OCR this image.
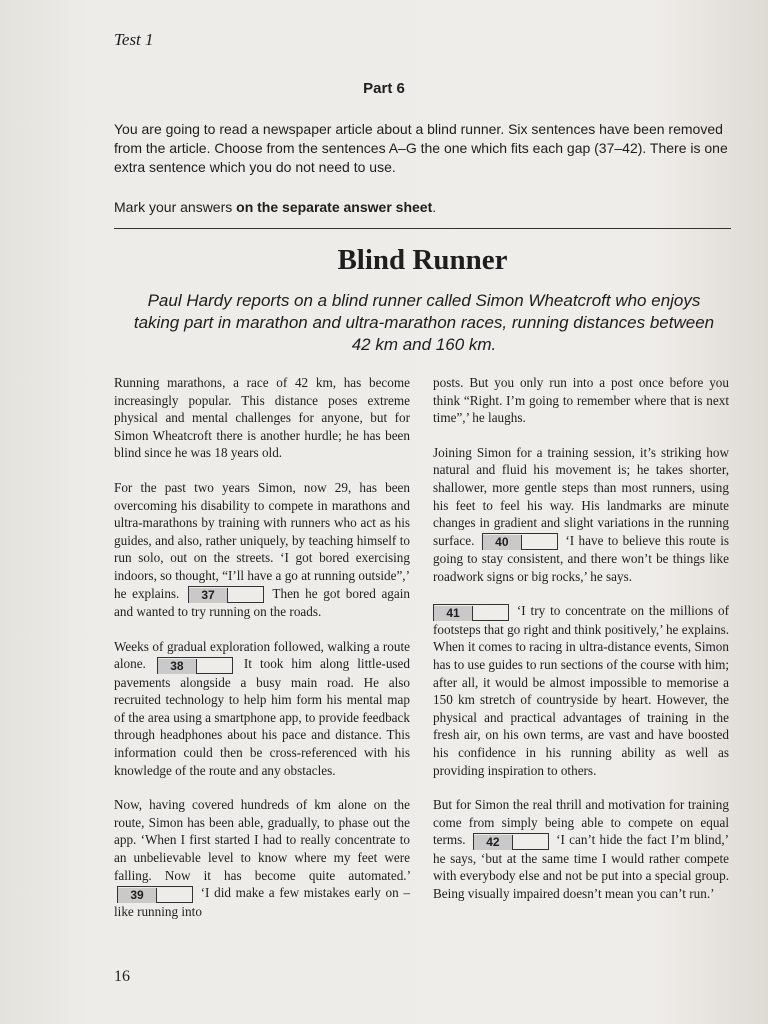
Test 1
Part 6
You are going to read a newspaper article about a blind runner. Six sentences have been removed from the article. Choose from the sentences A–G the one which fits each gap (37–42). There is one extra sentence which you do not need to use.
Mark your answers on the separate answer sheet.
Blind Runner
Paul Hardy reports on a blind runner called Simon Wheatcroft who enjoys taking part in marathon and ultra-marathon races, running distances between 42 km and 160 km.

Running marathons, a race of 42 km, has become increasingly popular. This distance poses extreme physical and mental challenges for anyone, but for Simon Wheatcroft there is another hurdle; he has been blind since he was 18 years old.

For the past two years Simon, now 29, has been overcoming his disability to compete in marathons and ultra-marathons by training with runners who act as his guides, and also, rather uniquely, by teaching himself to run solo, out on the streets. ‘I got bored exercising indoors, so thought, “I’ll have a go at running outside”,’ he explains. 37	Then he got bored again and wanted to try running on the roads.

Weeks of gradual exploration followed, walking a route alone. 38	It took him along little-used pavements alongside a busy main road. He also recruited technology to help him form his mental map of the area using a smartphone app, to provide feedback through headphones about his pace and distance. This information could then be cross-referenced with his knowledge of the route and any obstacles.

Now, having covered hundreds of km alone on the route, Simon has been able, gradually, to phase out the app. ‘When I first started I had to really concentrate to an unbelievable level to know where my feet were falling. Now it has become quite automated.’ 39	‘I did make a few mistakes early on – like running into

posts. But you only run into a post once before you think “Right. I’m going to remember where that is next time”,’ he laughs.

Joining Simon for a training session, it’s striking how natural and fluid his movement is; he takes shorter, shallower, more gentle steps than most runners, using his feet to feel his way. His landmarks are minute changes in gradient and slight variations in the running surface. 40	‘I have to believe this route is going to stay consistent, and there won’t be things like roadwork signs or big rocks,’ he says.

41	‘I try to concentrate on the millions of footsteps that go right and think positively,’ he explains. When it comes to racing in ultra-distance events, Simon has to use guides to run sections of the course with him; after all, it would be almost impossible to memorise a 150 km stretch of countryside by heart. However, the physical and practical advantages of training in the fresh air, on his own terms, are vast and have boosted his confidence in his running ability as well as providing inspiration to others.

But for Simon the real thrill and motivation for training come from simply being able to compete on equal terms. 42	‘I can’t hide the fact I’m blind,’ he says, ‘but at the same time I would rather compete with everybody else and not be put into a special group. Being visually impaired doesn’t mean you can’t run.’

16
